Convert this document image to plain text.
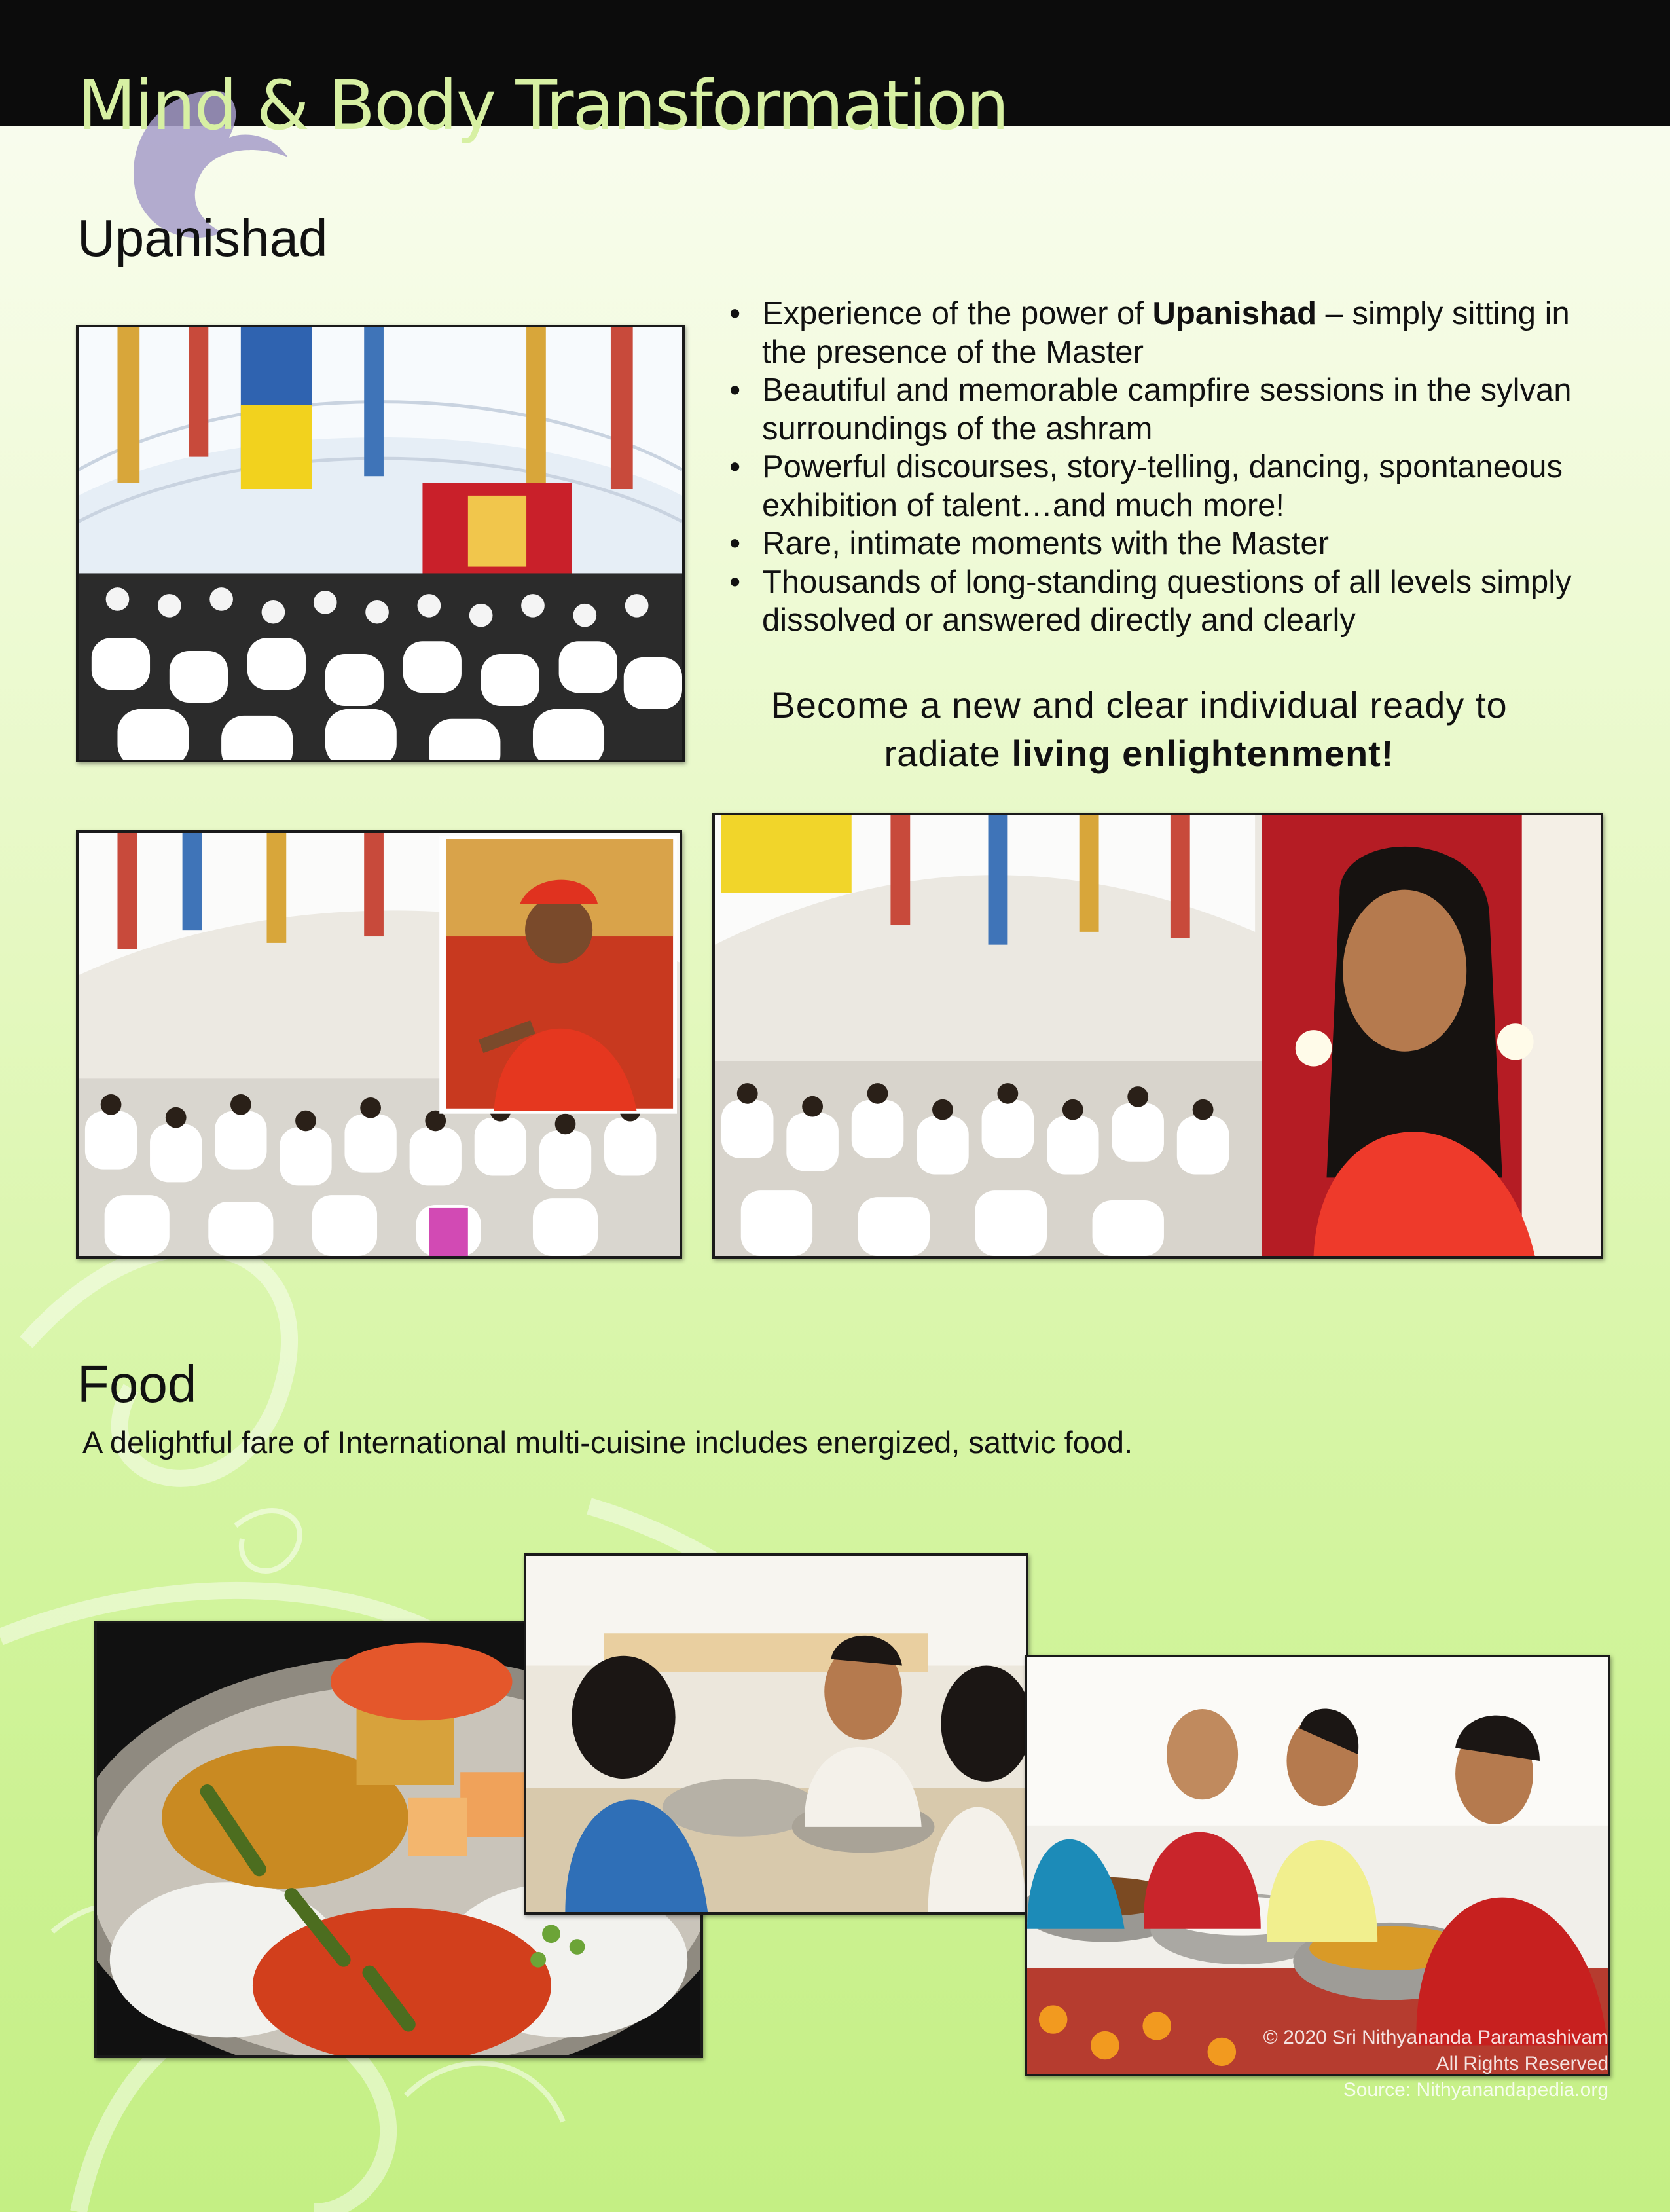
Mind & Body Transformation
Upanishad
• Experience of the power of Upanishad – simply sitting in the presence of the Master
• Beautiful and memorable campfire sessions in the sylvan surroundings of the ashram
• Powerful discourses, story-telling, dancing, spontaneous exhibition of talent…and much more!
• Rare, intimate moments with the Master
• Thousands of long-standing questions of all levels simply dissolved or answered directly and clearly

Become a new and clear individual ready to
radiate living enlightenment!

Food

A delightful fare of International multi-cuisine includes energized, sattvic food.

© 2020 Sri Nithyananda Paramashivam
All Rights Reserved
Source: Nithyanandapedia.org
